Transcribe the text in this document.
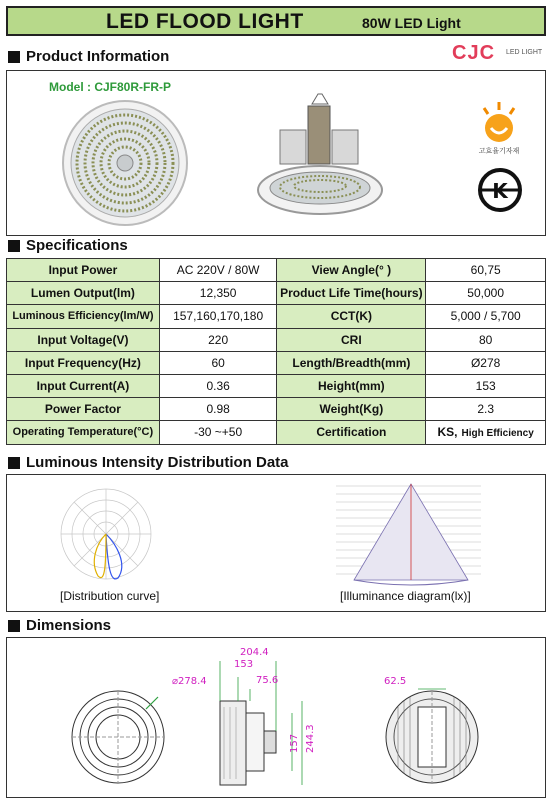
LED FLOOD LIGHT	80W LED Light
Product Information	CJC LED LIGHT
Model : CJF80R-FR-P
고효율기자재
K
Specifications
Input Power	AC 220V / 80W	View Angle(° )	60,75
Lumen Output(lm)	12,350	Product Life Time(hours)	50,000
Luminous Efficiency(lm/W)	157,160,170,180	CCT(K)	5,000 / 5,700
Input Voltage(V)	220	CRI	80
Input Frequency(Hz)	60	Length/Breadth(mm)	Ø278
Input Current(A)	0.36	Height(mm)	153
Power Factor	0.98	Weight(Kg)	2.3
Operating Temperature(°C)	-30 ~+50	Certification	KS, High Efficiency
Luminous Intensity Distribution Data
[Distribution curve]	[Illuminance diagram(lx)]
Dimensions
⌀278.4
204.4
153
75.6
157 244.3
62.5
